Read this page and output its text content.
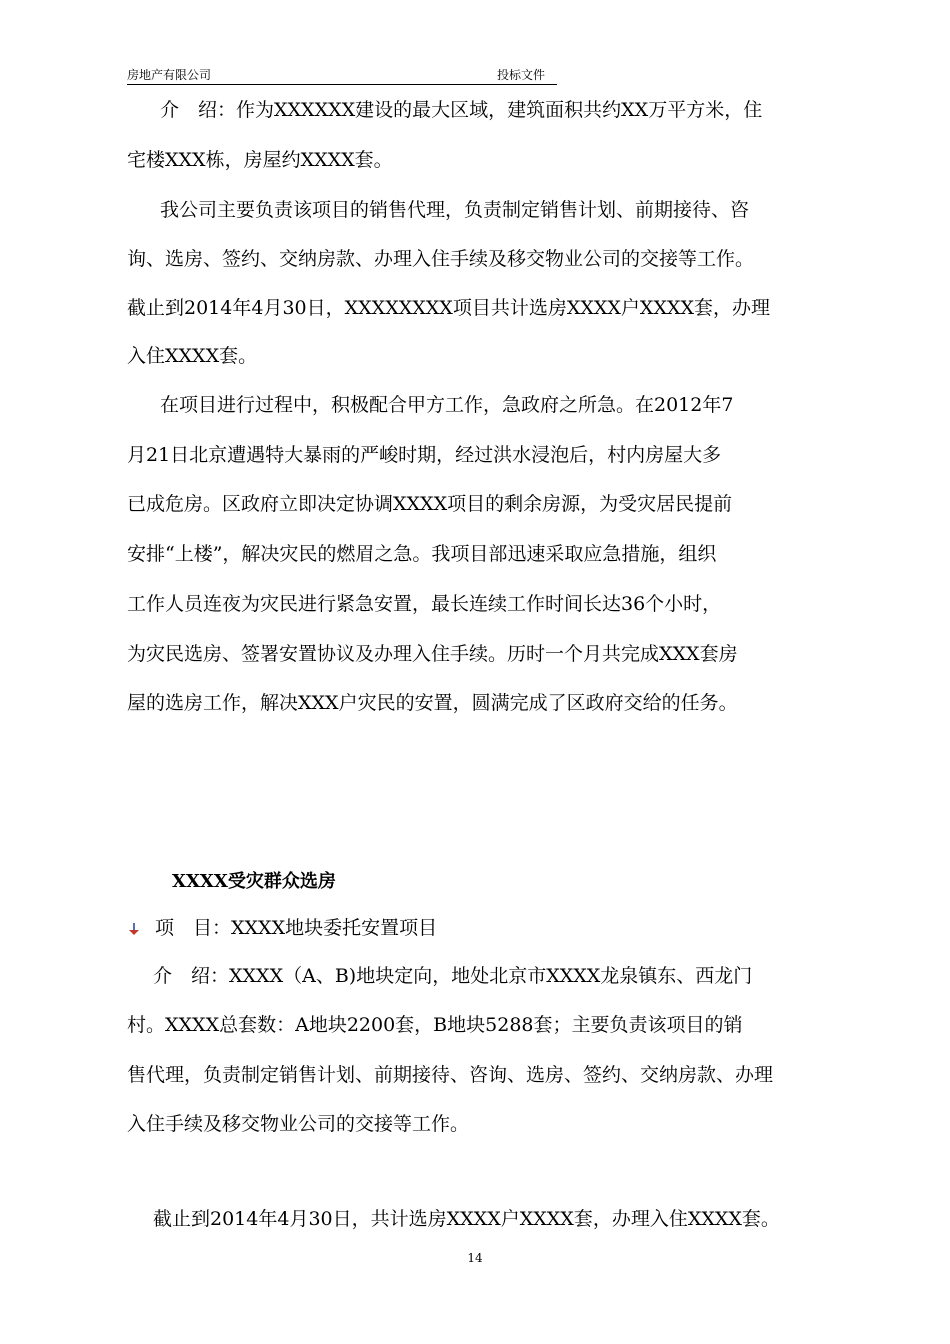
房地产有限公司	投标文件
介　绍：作为XXXXXX建设的最大区域，建筑面积共约XX万平方米，住
宅楼XXX栋，房屋约XXXX套。
我公司主要负责该项目的销售代理，负责制定销售计划、前期接待、咨
询、选房、签约、交纳房款、办理入住手续及移交物业公司的交接等工作。
截止到2014年4月30日，XXXXXXXX项目共计选房XXXX户XXXX套，办理
入住XXXX套。
在项目进行过程中，积极配合甲方工作，急政府之所急。在2012年7
月21日北京遭遇特大暴雨的严峻时期，经过洪水浸泡后，村内房屋大多
已成危房。区政府立即决定协调XXXX项目的剩余房源，为受灾居民提前
安排“上楼”，解决灾民的燃眉之急。我项目部迅速采取应急措施，组织
工作人员连夜为灾民进行紧急安置，最长连续工作时间长达36个小时，
为灾民选房、签署安置协议及办理入住手续。历时一个月共完成XXX套房
屋的选房工作，解决XXX户灾民的安置，圆满完成了区政府交给的任务。
XXXX受灾群众选房
项　目：XXXX地块委托安置项目
介　绍：XXXX（A、B)地块定向，地处北京市XXXX龙泉镇东、西龙门
村。XXXX总套数：A地块2200套，B地块5288套；主要负责该项目的销
售代理，负责制定销售计划、前期接待、咨询、选房、签约、交纳房款、办理
入住手续及移交物业公司的交接等工作。
截止到2014年4月30日，共计选房XXXX户XXXX套，办理入住XXXX套。
14
